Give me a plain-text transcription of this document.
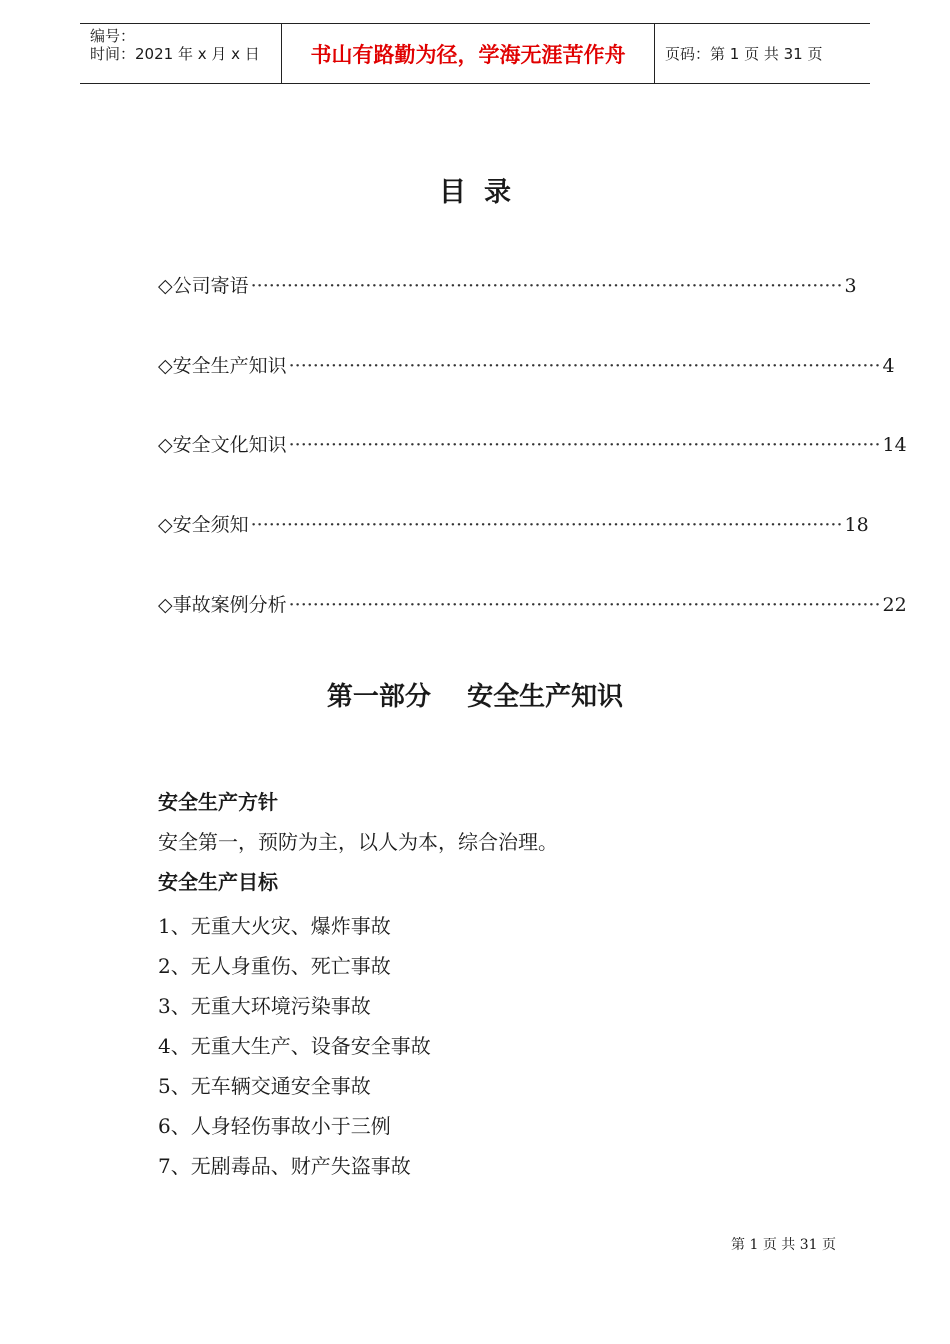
编号：
时间：2021 年 x 月 x 日	书山有路勤为径，学海无涯苦作舟	页码：第 1 页 共 31 页
目录
◇公司寄语 ·································································································· 3
◇安全生产知识 ·································································································· 4
◇安全文化知识 ·································································································· 14
◇安全须知 ·································································································· 18
◇事故案例分析 ·································································································· 22
第一部分    安全生产知识
安全生产方针
安全第一，预防为主，以人为本，综合治理。
安全生产目标
1、无重大火灾、爆炸事故
2、无人身重伤、死亡事故
3、无重大环境污染事故
4、无重大生产、设备安全事故
5、无车辆交通安全事故
6、人身轻伤事故小于三例
7、无剧毒品、财产失盗事故
第 1 页 共 31 页
